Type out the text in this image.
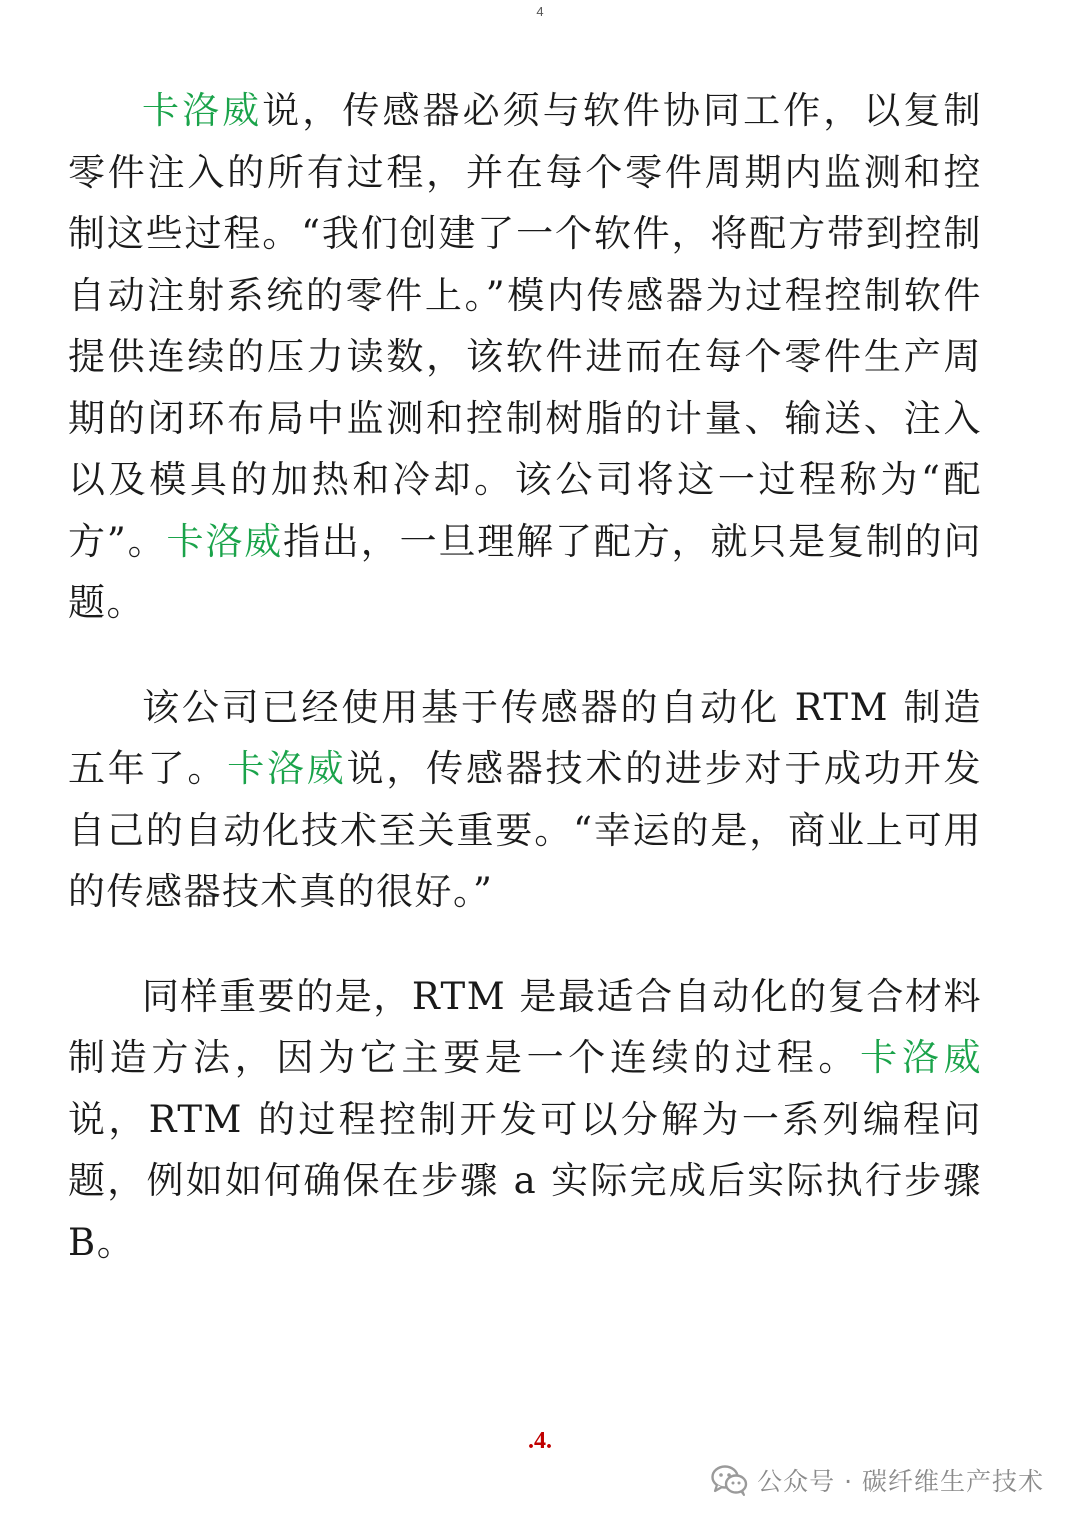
4

卡洛威说，传感器必须与软件协同工作，以复制零件注入的所有过程，并在每个零件周期内监测和控制这些过程。“我们创建了一个软件，将配方带到控制自动注射系统的零件上。”模内传感器为过程控制软件提供连续的压力读数，该软件进而在每个零件生产周期的闭环布局中监测和控制树脂的计量、输送、注入以及模具的加热和冷却。该公司将这一过程称为“配方”。卡洛威指出，一旦理解了配方，就只是复制的问题。

该公司已经使用基于传感器的自动化 RTM 制造五年了。卡洛威说，传感器技术的进步对于成功开发自己的自动化技术至关重要。“幸运的是，商业上可用的传感器技术真的很好。”

同样重要的是，RTM 是最适合自动化的复合材料制造方法，因为它主要是一个连续的过程。卡洛威说，RTM 的过程控制开发可以分解为一系列编程问题，例如如何确保在步骤 a 实际完成后实际执行步骤 B。

.4.
公众号 · 碳纤维生产技术
